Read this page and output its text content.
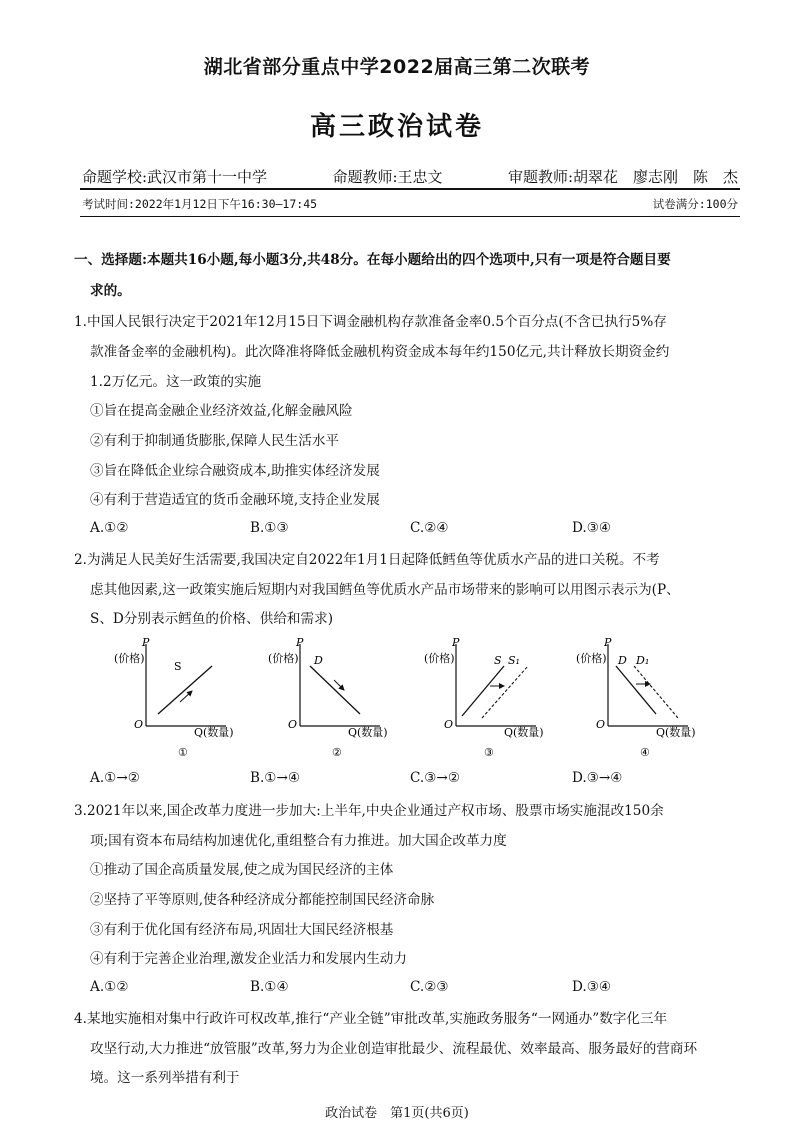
湖北省部分重点中学2022届高三第二次联考
高三政治试卷
命题学校:武汉市第十一中学	命题教师:王忠文	审题教师:胡翠花　廖志刚　陈　杰
考试时间:2022年1月12日下午16:30—17:45	试卷满分:100分
一、选择题:本题共16小题,每小题3分,共48分。在每小题给出的四个选项中,只有一项是符合题目要
求的。
1.中国人民银行决定于2021年12月15日下调金融机构存款准备金率0.5个百分点(不含已执行5%存
款准备金率的金融机构)。此次降准将降低金融机构资金成本每年约150亿元,共计释放长期资金约
1.2万亿元。这一政策的实施
①旨在提高金融企业经济效益,化解金融风险
②有利于抑制通货膨胀,保障人民生活水平
③旨在降低企业综合融资成本,助推实体经济发展
④有利于营造适宜的货币金融环境,支持企业发展
A.①②	B.①③	C.②④	D.③④
2.为满足人民美好生活需要,我国决定自2022年1月1日起降低鳕鱼等优质水产品的进口关税。不考
虑其他因素,这一政策实施后短期内对我国鳕鱼等优质水产品市场带来的影响可以用图示表示为(P、
S、D分别表示鳕鱼的价格、供给和需求)
P
(价格)
O
Q(数量)
S
①
P
(价格)
O
Q(数量)
D
②
P
(价格)
O
Q(数量)
S S₁
③
P
(价格)
O
Q(数量)
D D₁
④
A.①→②	B.①→④	C.③→②	D.③→④
3.2021年以来,国企改革力度进一步加大:上半年,中央企业通过产权市场、股票市场实施混改150余
项;国有资本布局结构加速优化,重组整合有力推进。加大国企改革力度
①推动了国企高质量发展,使之成为国民经济的主体
②坚持了平等原则,使各种经济成分都能控制国民经济命脉
③有利于优化国有经济布局,巩固壮大国民经济根基
④有利于完善企业治理,激发企业活力和发展内生动力
A.①②	B.①④	C.②③	D.③④
4.某地实施相对集中行政许可权改革,推行“产业全链”审批改革,实施政务服务“一网通办”数字化三年
攻坚行动,大力推进“放管服”改革,努力为企业创造审批最少、流程最优、效率最高、服务最好的营商环
境。这一系列举措有利于
政治试卷　第1页(共6页)
